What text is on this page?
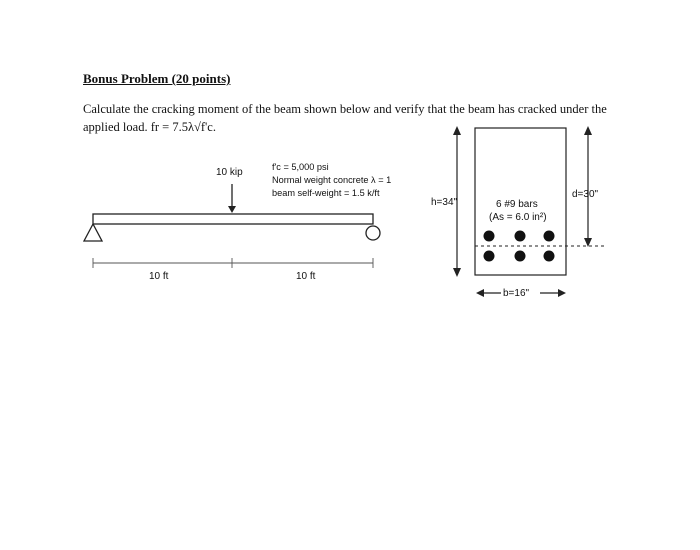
Bonus Problem (20 points)
Calculate the cracking moment of the beam shown below and verify that the beam has cracked under the applied load. fr = 7.5λ√f'c.
10 kip	f'c = 5,000 psi
Normal weight concrete λ = 1
beam self-weight = 1.5 k/ft
10 ft	10 ft
h=34"
d=30"
b=16"
6 #9 bars
(As = 6.0 in²)
